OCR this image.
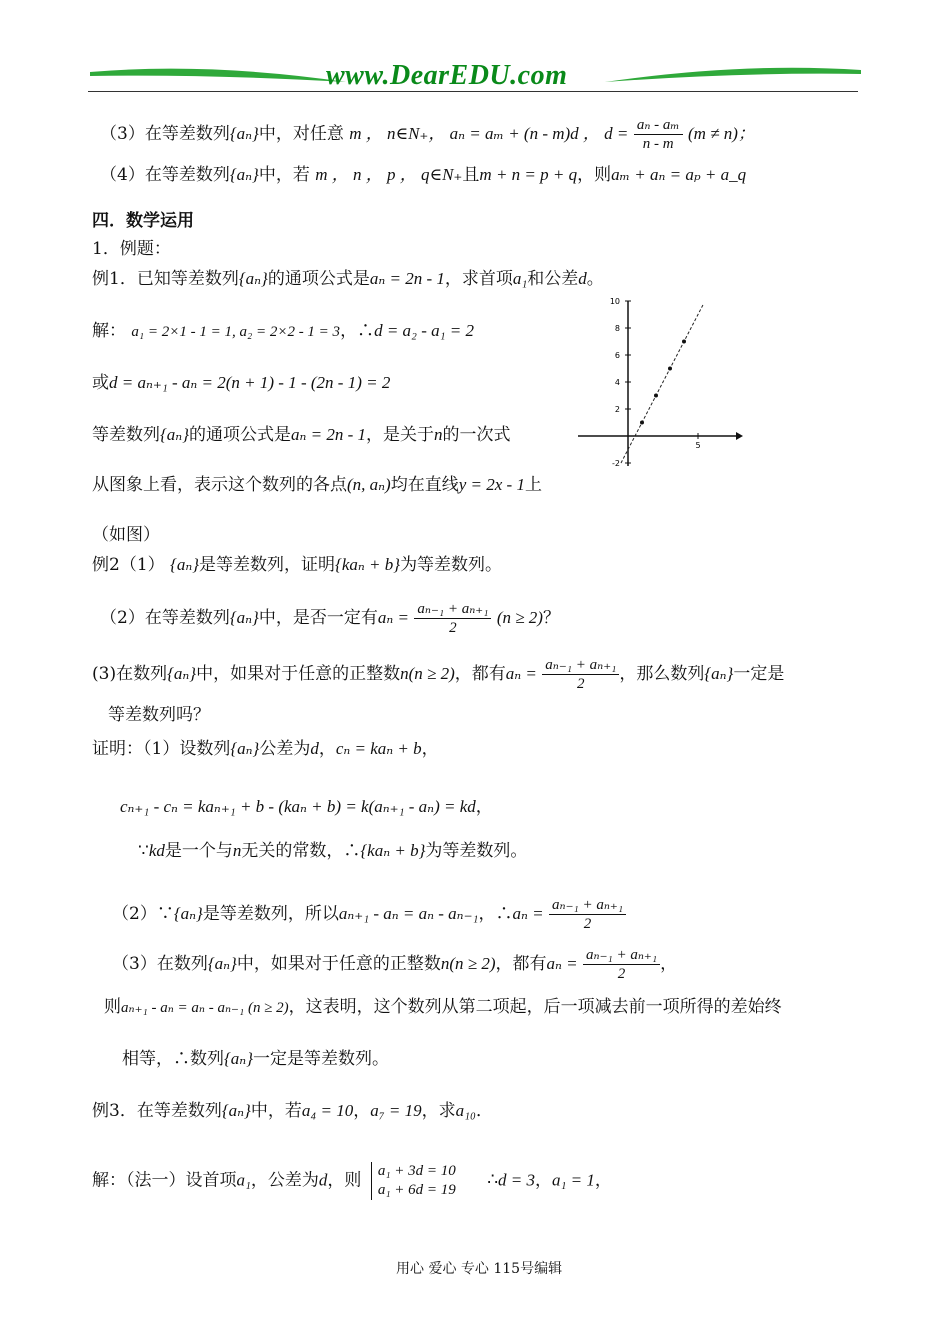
www.DearEDU.com
（3）在等差数列{aₙ}中，对任意 m ， n∈N₊， aₙ = aₘ + (n - m)d ， $d = \frac{\text{aₙ - aₘ}}{n - m} (m \ne n)$；
（4）在等差数列{aₙ}中，若 m ， n ， p ， q∈N₊且m + n = p + q，则aₘ + aₙ = aₚ + a_q
四．数学运用
1．例题：
例1．已知等差数列{aₙ}的通项公式是aₙ = 2n - 1，求首项a₁和公差d。
解： a₁ = 2×1 - 1 = 1, a₂ = 2×2 - 1 = 3，∴d = a₂ - a₁ = 2
或d = aₙ₊₁ - aₙ = 2(n + 1) - 1 - (2n - 1) = 2
等差数列{aₙ}的通项公式是aₙ = 2n - 1，是关于n的一次式
从图象上看，表示这个数列的各点(n, aₙ)均在直线y = 2x - 1上
（如图）
10
8
6
4
2
-2
5
例2（1） {aₙ}是等差数列，证明{kaₙ + b}为等差数列。
（2）在等差数列{aₙ}中，是否一定有$a_n = \frac{\text{aₙ₋₁ + aₙ₊₁}}{2} (n \ge 2)$？
(3)在数列{aₙ}中，如果对于任意的正整数n(n ≥ 2)，都有$a_n = \frac{\text{aₙ₋₁ + aₙ₊₁}}{2}$ ，那么数列{aₙ}一定是
等差数列吗？
证明：（1）设数列{aₙ}公差为d，cₙ = kaₙ + b，
cₙ₊₁ - cₙ = kaₙ₊₁ + b - (kaₙ + b) = k(aₙ₊₁ - aₙ) = kd，
∵kd是一个与n无关的常数，∴{kaₙ + b}为等差数列。
（2）∵{aₙ}是等差数列，所以aₙ₊₁ - aₙ = aₙ - aₙ₋₁，∴aₙ = $\frac{\text{aₙ₋₁ + aₙ₊₁}}{2}$
（3）在数列{aₙ}中，如果对于任意的正整数n(n ≥ 2)，都有$a_n = \frac{\text{aₙ₋₁ + aₙ₊₁}}{2}$ ，
则aₙ₊₁ - aₙ = aₙ - aₙ₋₁ (n ≥ 2)，这表明，这个数列从第二项起，后一项减去前一项所得的差始终
相等，∴数列{aₙ}一定是等差数列。
例3．在等差数列{aₙ}中，若a₄ = 10，a₇ = 19，求a₁₀．
解：（法一）设首项a₁，公差为d，则 a₁ + 3d = 10
a₁ + 6d = 19 ∴d = 3，a₁ = 1，
用心 爱心 专心 115号编辑
